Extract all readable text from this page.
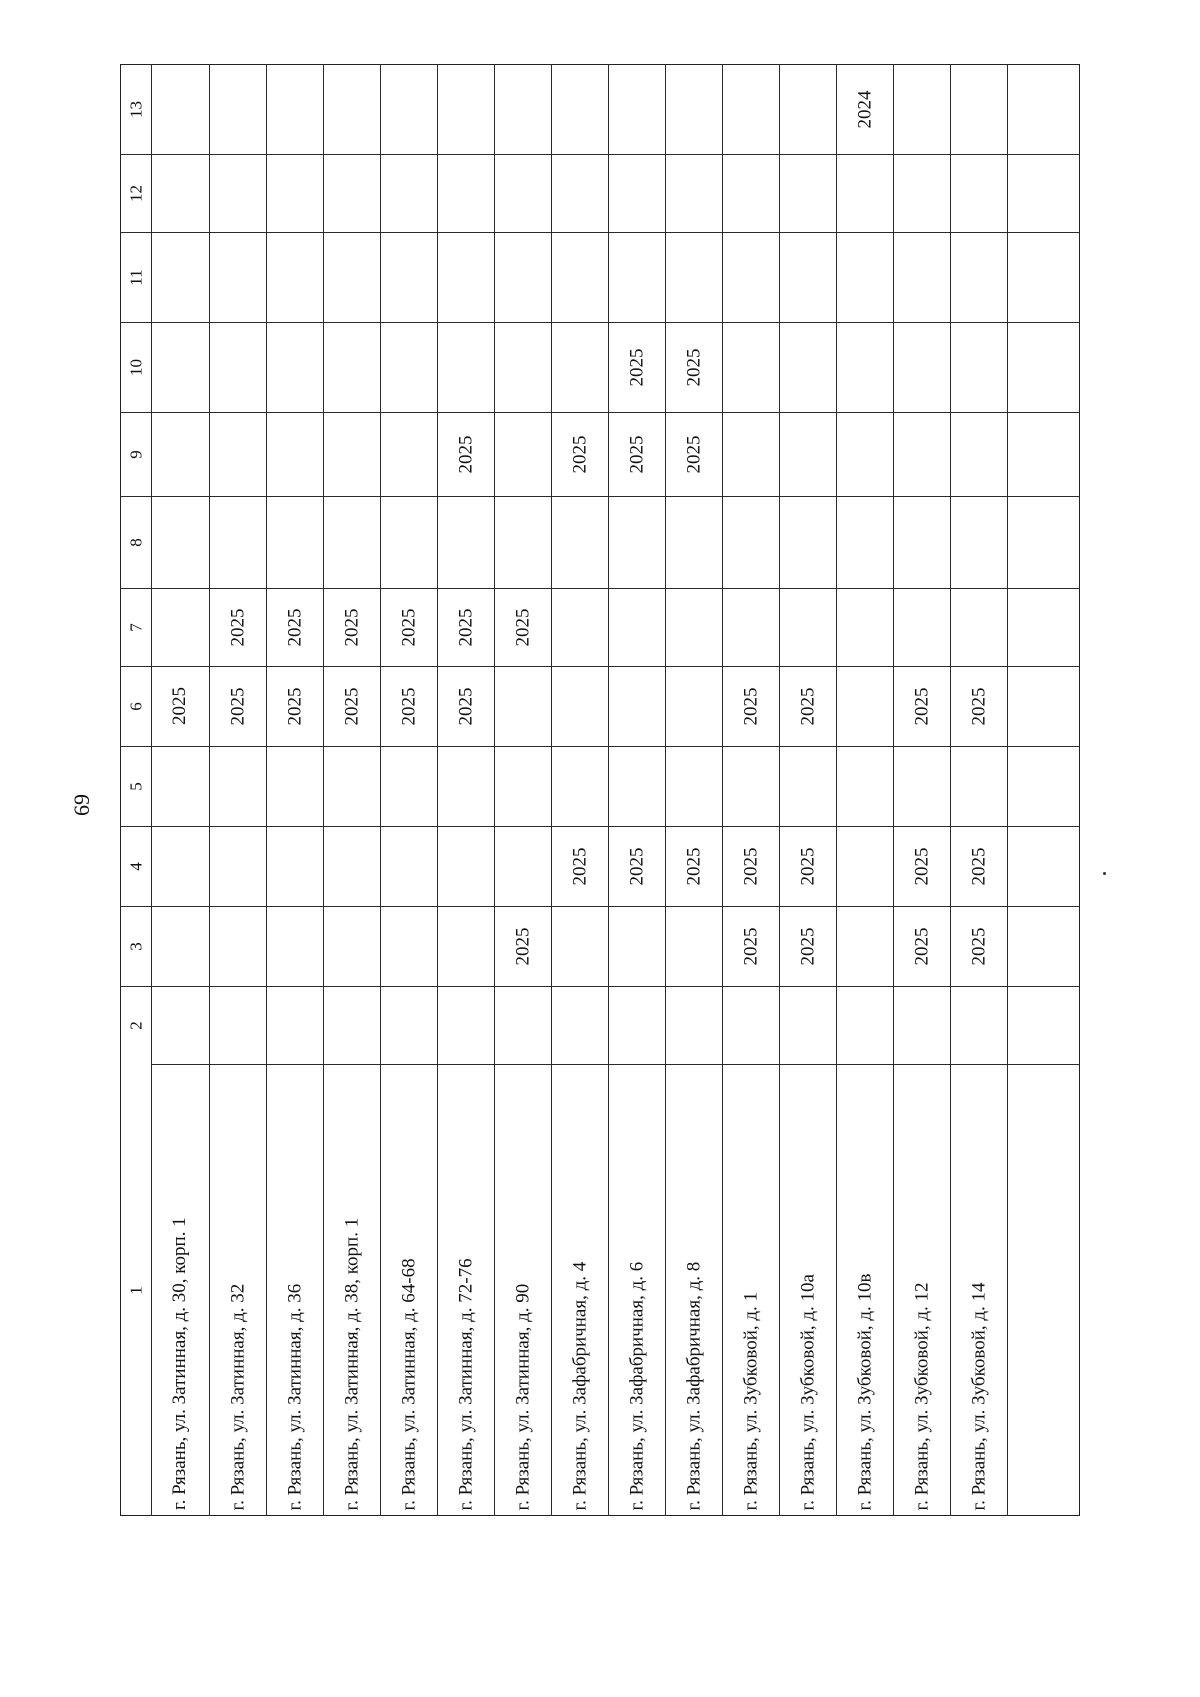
69
1
2
3
4
5
6
7
8
9
10
11
12
13
г. Рязань, ул. Затинная, д. 30, корп. 1
2025
г. Рязань, ул. Затинная, д. 32
2025
2025
г. Рязань, ул. Затинная, д. 36
2025
2025
г. Рязань, ул. Затинная, д. 38, корп. 1
2025
2025
г. Рязань, ул. Затинная, д. 64-68
2025
2025
г. Рязань, ул. Затинная, д. 72-76
2025
2025
2025
г. Рязань, ул. Затинная, д. 90
2025
2025
г. Рязань, ул. Зафабричная, д. 4
2025
2025
г. Рязань, ул. Зафабричная, д. 6
2025
2025
2025
г. Рязань, ул. Зафабричная, д. 8
2025
2025
2025
г. Рязань, ул. Зубковой, д. 1
2025
2025
2025
г. Рязань, ул. Зубковой, д. 10а
2025
2025
2025
г. Рязань, ул. Зубковой, д. 10в
2024
г. Рязань, ул. Зубковой, д. 12
2025
2025
2025
г. Рязань, ул. Зубковой, д. 14
2025
2025
2025
